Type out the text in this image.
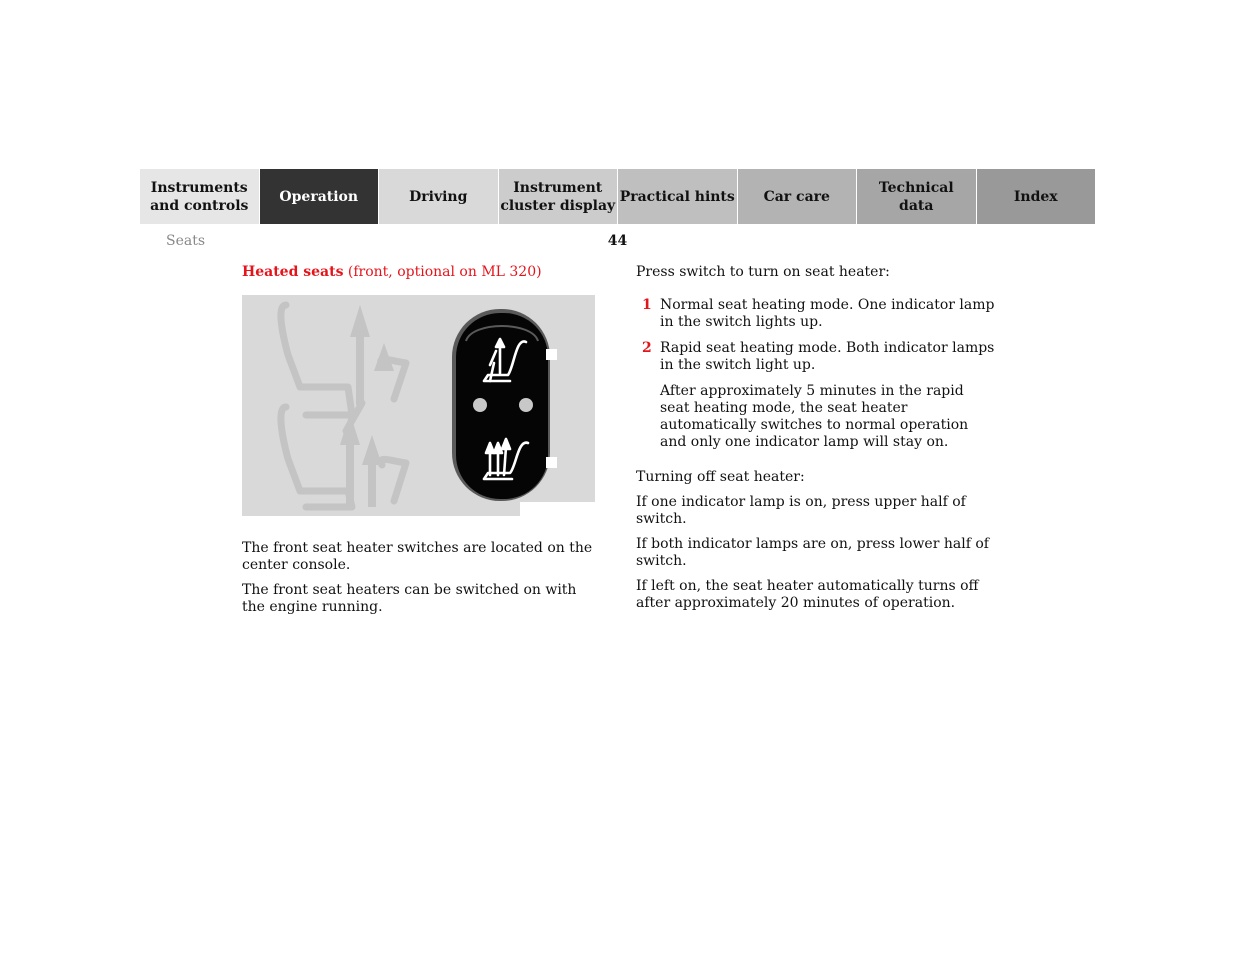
Instruments
and controls
Operation	Driving
Instrument
cluster display
Practical hints Car care
Technical
data
Index
Seats	44
Heated seats (front, optional on ML 320)
1
2

The front seat heater switches are located on the center console.

The front seat heaters can be switched on with the engine running.

Press switch to turn on seat heater:

1 Normal seat heating mode. One indicator lamp in the switch lights up.
2 Rapid seat heating mode. Both indicator lamps in the switch light up.

After approximately 5 minutes in the rapid seat heating mode, the seat heater automatically switches to normal operation and only one indicator lamp will stay on.

Turning off seat heater:

If one indicator lamp is on, press upper half of switch.

If both indicator lamps are on, press lower half of switch.

If left on, the seat heater automatically turns off after approximately 20 minutes of operation.
